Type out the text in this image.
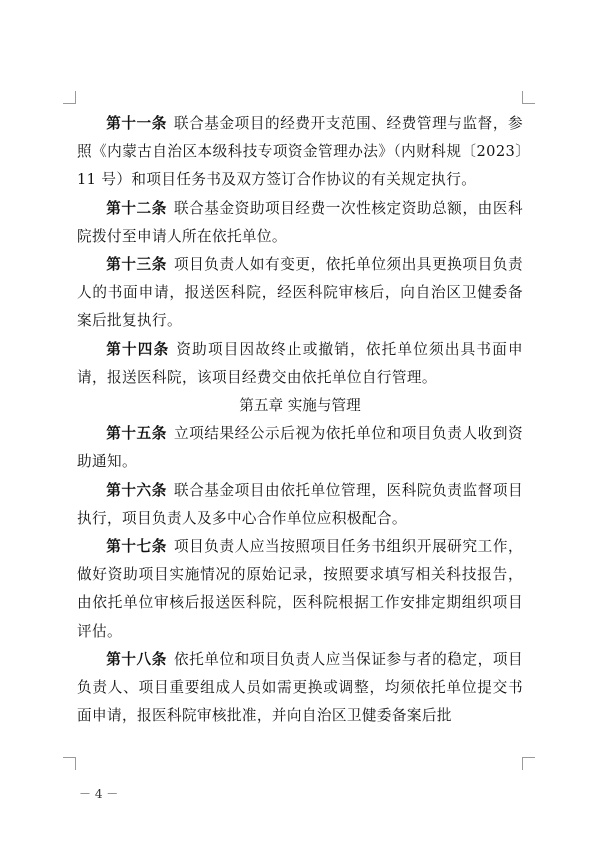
第十一条 联合基金项目的经费开支范围、经费管理与监督，参照《内蒙古自治区本级科技专项资金管理办法》（内财科规〔2023〕11 号）和项目任务书及双方签订合作协议的有关规定执行。

第十二条 联合基金资助项目经费一次性核定资助总额，由医科院拨付至申请人所在依托单位。

第十三条 项目负责人如有变更，依托单位须出具更换项目负责人的书面申请，报送医科院，经医科院审核后，向自治区卫健委备案后批复执行。

第十四条 资助项目因故终止或撤销，依托单位须出具书面申请，报送医科院，该项目经费交由依托单位自行管理。

第五章 实施与管理

第十五条 立项结果经公示后视为依托单位和项目负责人收到资助通知。

第十六条 联合基金项目由依托单位管理，医科院负责监督项目执行，项目负责人及多中心合作单位应积极配合。

第十七条 项目负责人应当按照项目任务书组织开展研究工作，做好资助项目实施情况的原始记录，按照要求填写相关科技报告，由依托单位审核后报送医科院，医科院根据工作安排定期组织项目评估。

第十八条 依托单位和项目负责人应当保证参与者的稳定，项目负责人、项目重要组成人员如需更换或调整，均须依托单位提交书面申请，报医科院审核批准，并向自治区卫健委备案后批

－ 4 －
